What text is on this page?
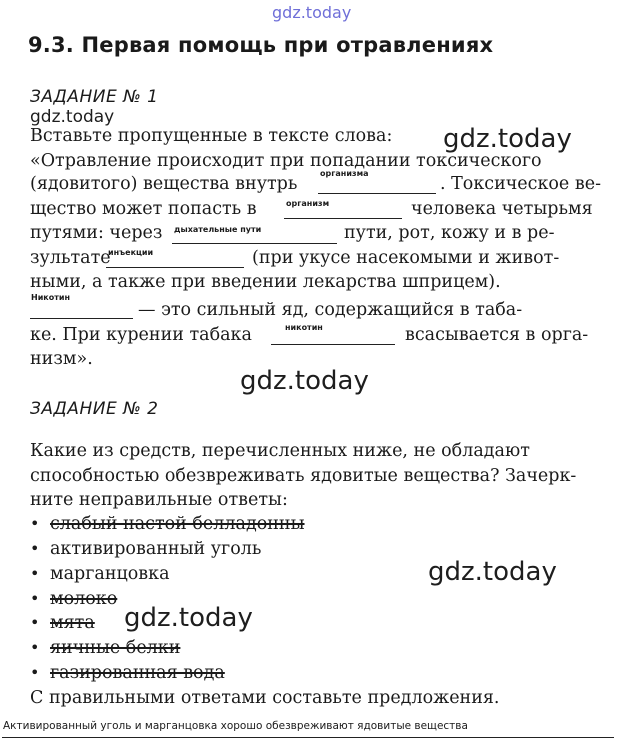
gdz.today
gdz.today
gdz.today
gdz.today
gdz.today
gdz.today
9.3. Первая помощь при отравлениях
ЗАДАНИЕ № 1
Вставьте пропущенные в тексте слова:
«Отравление происходит при попадании токсического
(ядовитого) вещества внутрь
организма
. Токсическое ве-
щество может попасть в	организм	человека четырьмя
путями: через дыхательные пути	пути, рот, кожу и в ре-
зультате
инъекции	(при укусе насекомыми и живот-
ными, а также при введении лекарства шприцем).
Никотин
— это сильный яд, содержащийся в таба-
ке. При курении табака	никотин	всасывается в орга-
низм».
ЗАДАНИЕ № 2
Какие из средств, перечисленных ниже, не обладают
способностью обезвреживать ядовитые вещества? Зачерк-
ните неправильные ответы:
• слабый настой белладонны
• активированный уголь
• марганцовка
• молоко
• мята
• яичные белки
• газированная вода
С правильными ответами составьте предложения.
Активированный уголь и марганцовка хорошо обезвреживают ядовитые вещества
